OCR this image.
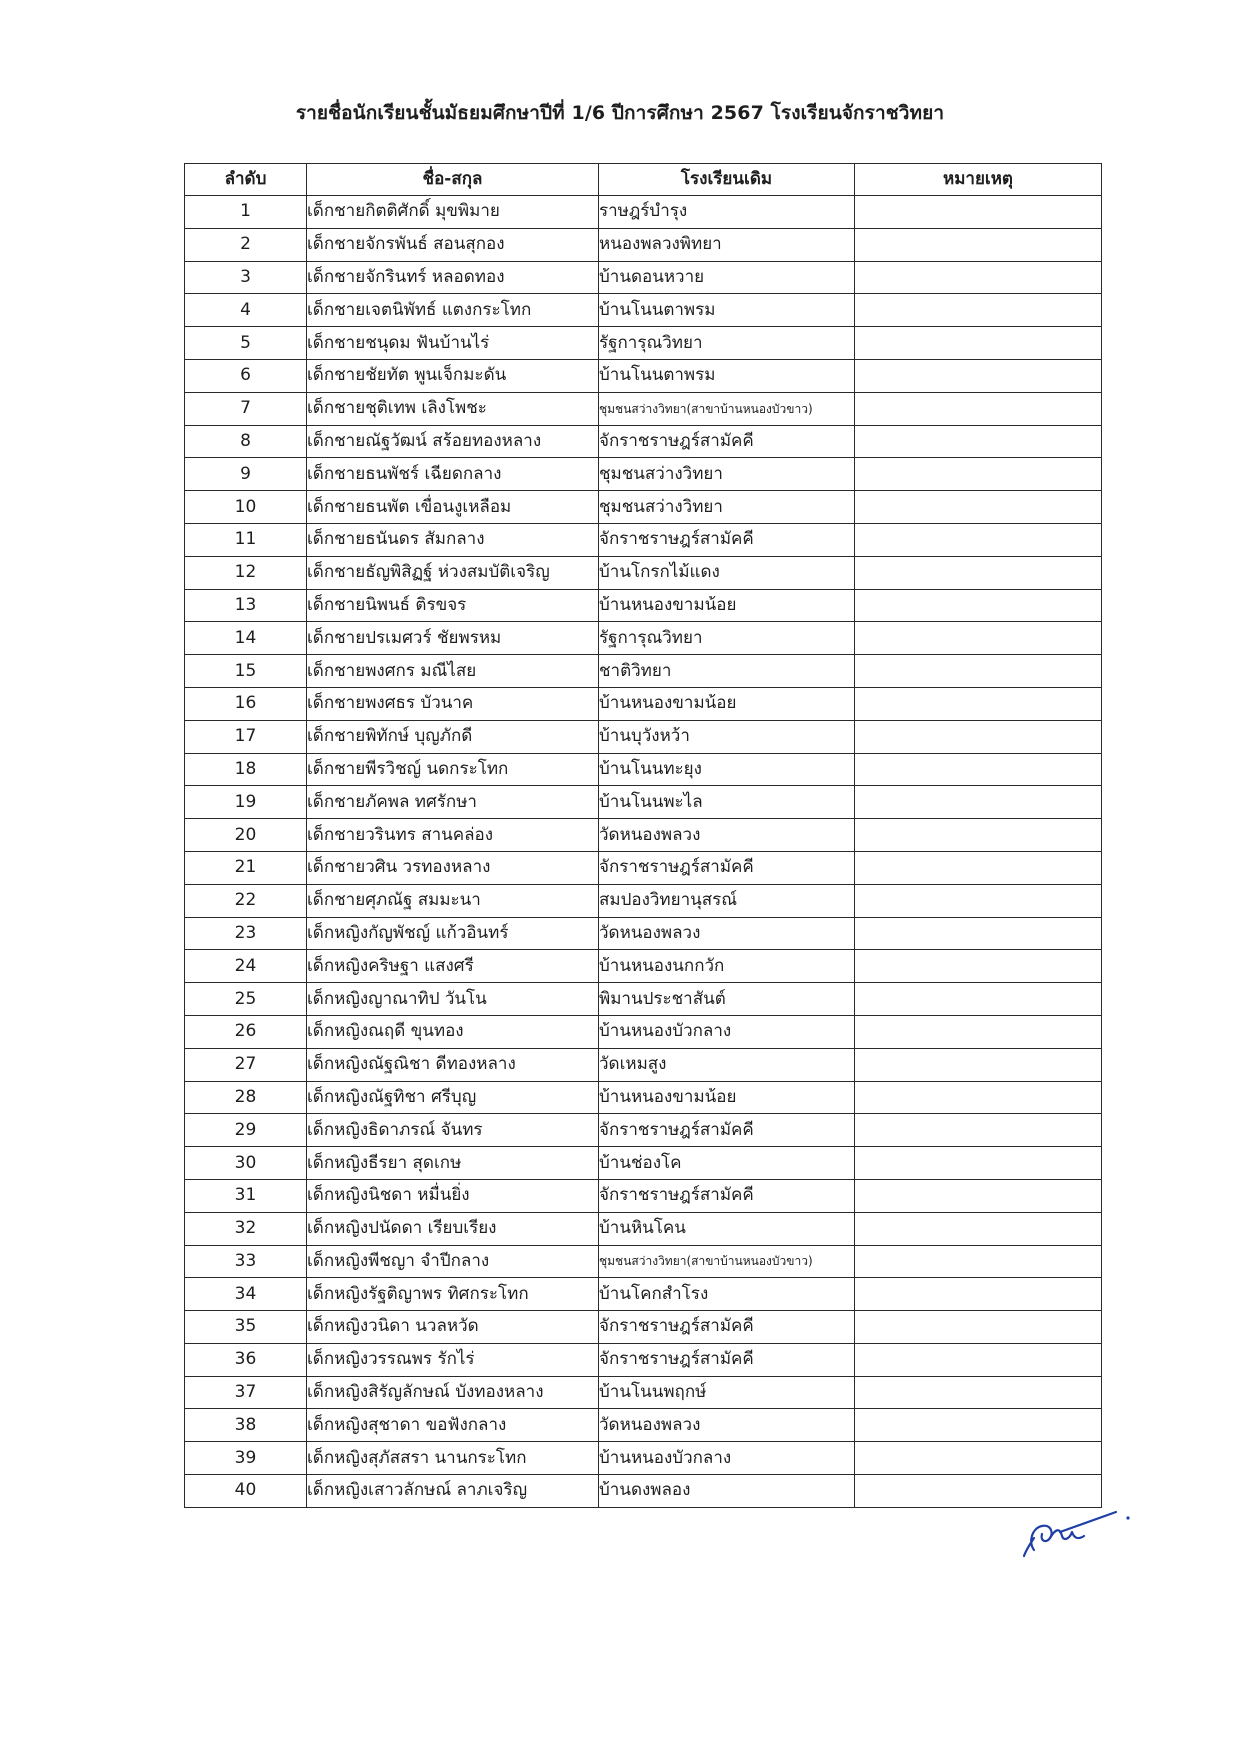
รายชื่อนักเรียนชั้นมัธยมศึกษาปีที่ 1/6 ปีการศึกษา 2567 โรงเรียนจักราชวิทยา
ลำดับ	ชื่อ-สกุล	โรงเรียนเดิม	หมายเหตุ
1	เด็กชายกิตติศักดิ์ มุขพิมาย	ราษฎร์บำรุง	
2	เด็กชายจักรพันธ์ สอนสุกอง	หนองพลวงพิทยา	
3	เด็กชายจักรินทร์ หลอดทอง	บ้านดอนหวาย	
4	เด็กชายเจตนิพัทธ์ แตงกระโทก	บ้านโนนตาพรม	
5	เด็กชายชนุดม ฟันบ้านไร่	รัฐการุณวิทยา	
6	เด็กชายชัยทัต พูนเจ็กมะดัน	บ้านโนนตาพรม	
7	เด็กชายชุติเทพ เลิงโพชะ	ชุมชนสว่างวิทยา(สาขาบ้านหนองบัวขาว)	
8	เด็กชายณัฐวัฒน์ สร้อยทองหลาง	จักราชราษฎร์สามัคคี	
9	เด็กชายธนพัชร์ เฉียดกลาง	ชุมชนสว่างวิทยา	
10	เด็กชายธนพัต เขื่อนงูเหลือม	ชุมชนสว่างวิทยา	
11	เด็กชายธนันดร สัมกลาง	จักราชราษฎร์สามัคคี	
12	เด็กชายธัญพิสิฏฐ์ ห่วงสมบัติเจริญ	บ้านโกรกไม้แดง	
13	เด็กชายนิพนธ์ ติรขจร	บ้านหนองขามน้อย	
14	เด็กชายปรเมศวร์ ชัยพรหม	รัฐการุณวิทยา	
15	เด็กชายพงศกร มณีไสย	ชาติวิทยา	
16	เด็กชายพงศธร บัวนาค	บ้านหนองขามน้อย	
17	เด็กชายพิทักษ์ บุญภักดี	บ้านบุวังหว้า	
18	เด็กชายพีรวิชญ์ นดกระโทก	บ้านโนนทะยุง	
19	เด็กชายภัคพล ทศรักษา	บ้านโนนพะไล	
20	เด็กชายวรินทร สานคล่อง	วัดหนองพลวง	
21	เด็กชายวศิน วรทองหลาง	จักราชราษฎร์สามัคคี	
22	เด็กชายศุภณัฐ สมมะนา	สมปองวิทยานุสรณ์	
23	เด็กหญิงกัญพัชญ์ แก้วอินทร์	วัดหนองพลวง	
24	เด็กหญิงคริษฐา แสงศรี	บ้านหนองนกกวัก	
25	เด็กหญิงญาณาทิป วันโน	พิมานประชาสันต์	
26	เด็กหญิงณฤดี ขุนทอง	บ้านหนองบัวกลาง	
27	เด็กหญิงณัฐณิชา ดีทองหลาง	วัดเหมสูง	
28	เด็กหญิงณัฐทิชา ศรีบุญ	บ้านหนองขามน้อย	
29	เด็กหญิงธิดาภรณ์ จันทร	จักราชราษฎร์สามัคคี	
30	เด็กหญิงธีรยา สุดเกษ	บ้านช่องโค	
31	เด็กหญิงนิชดา หมื่นยิ่ง	จักราชราษฎร์สามัคคี	
32	เด็กหญิงปนัดดา เรียบเรียง	บ้านหินโคน	
33	เด็กหญิงพีชญา จำปีกลาง	ชุมชนสว่างวิทยา(สาขาบ้านหนองบัวขาว)	
34	เด็กหญิงรัฐติญาพร ทิศกระโทก	บ้านโคกสำโรง	
35	เด็กหญิงวนิดา นวลหวัด	จักราชราษฎร์สามัคคี	
36	เด็กหญิงวรรณพร รักไร่	จักราชราษฎร์สามัคคี	
37	เด็กหญิงสิรัญลักษณ์ บังทองหลาง	บ้านโนนพฤกษ์	
38	เด็กหญิงสุชาดา ขอฟังกลาง	วัดหนองพลวง	
39	เด็กหญิงสุภัสสรา นานกระโทก	บ้านหนองบัวกลาง	
40	เด็กหญิงเสาวลักษณ์ ลาภเจริญ	บ้านดงพลอง	
